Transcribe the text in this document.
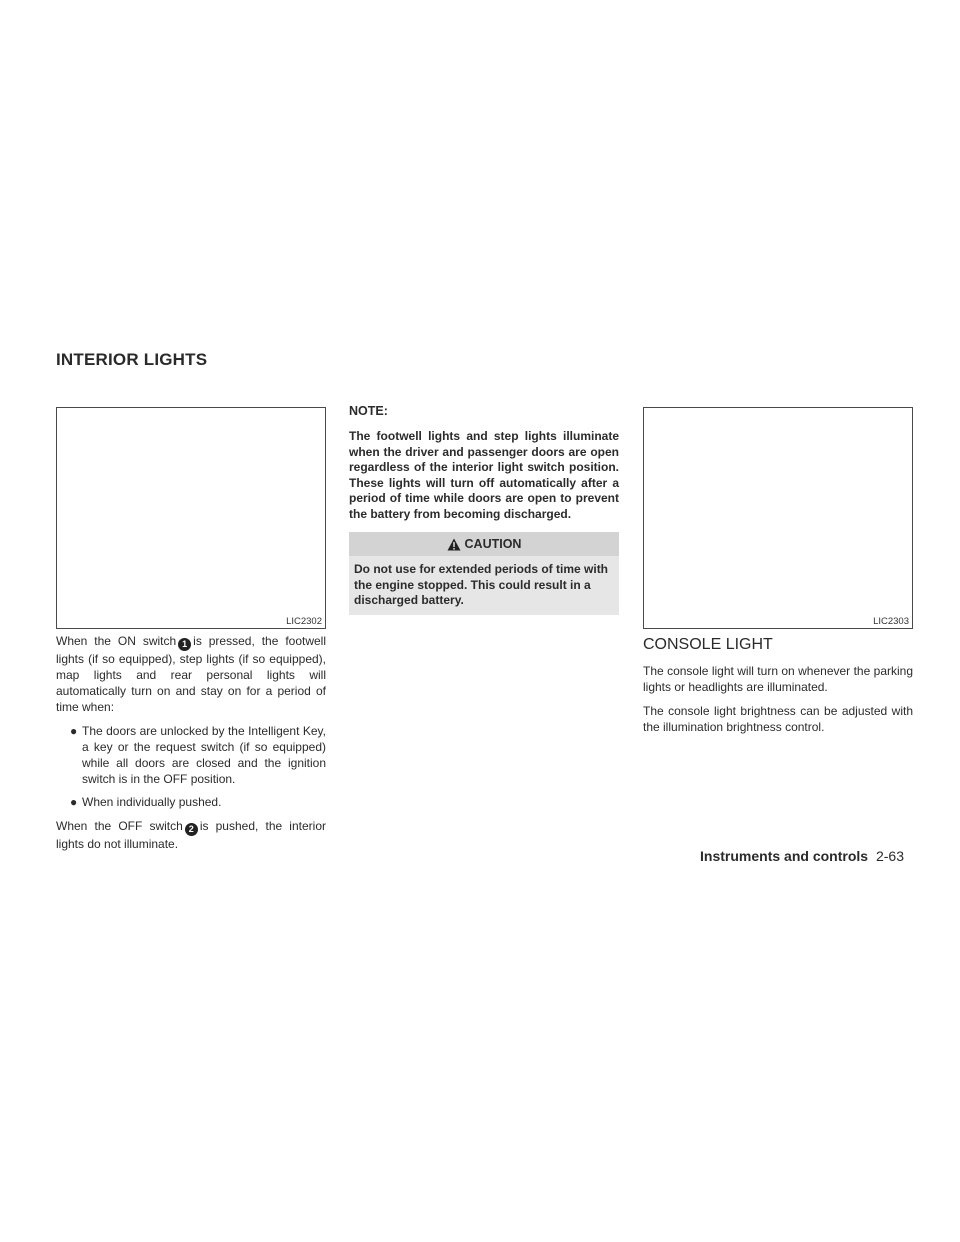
INTERIOR LIGHTS
LIC2302	LIC2303

When the ON switch 1 is pressed, the footwell lights (if so equipped), step lights (if so equipped), map lights and rear personal lights will automatically turn on and stay on for a period of time when:

● The doors are unlocked by the Intelligent Key, a key or the request switch (if so equipped) while all doors are closed and the ignition switch is in the OFF position.
● When individually pushed.

When the OFF switch 2 is pushed, the interior lights do not illuminate.

NOTE:
The footwell lights and step lights illuminate when the driver and passenger doors are open regardless of the interior light switch position. These lights will turn off automatically after a period of time while doors are open to prevent the battery from becoming discharged.
CAUTION
Do not use for extended periods of time with the engine stopped. This could result in a discharged battery.
CONSOLE LIGHT

The console light will turn on whenever the parking lights or headlights are illuminated.

The console light brightness can be adjusted with the illumination brightness control.

Instruments and controls 2-63
